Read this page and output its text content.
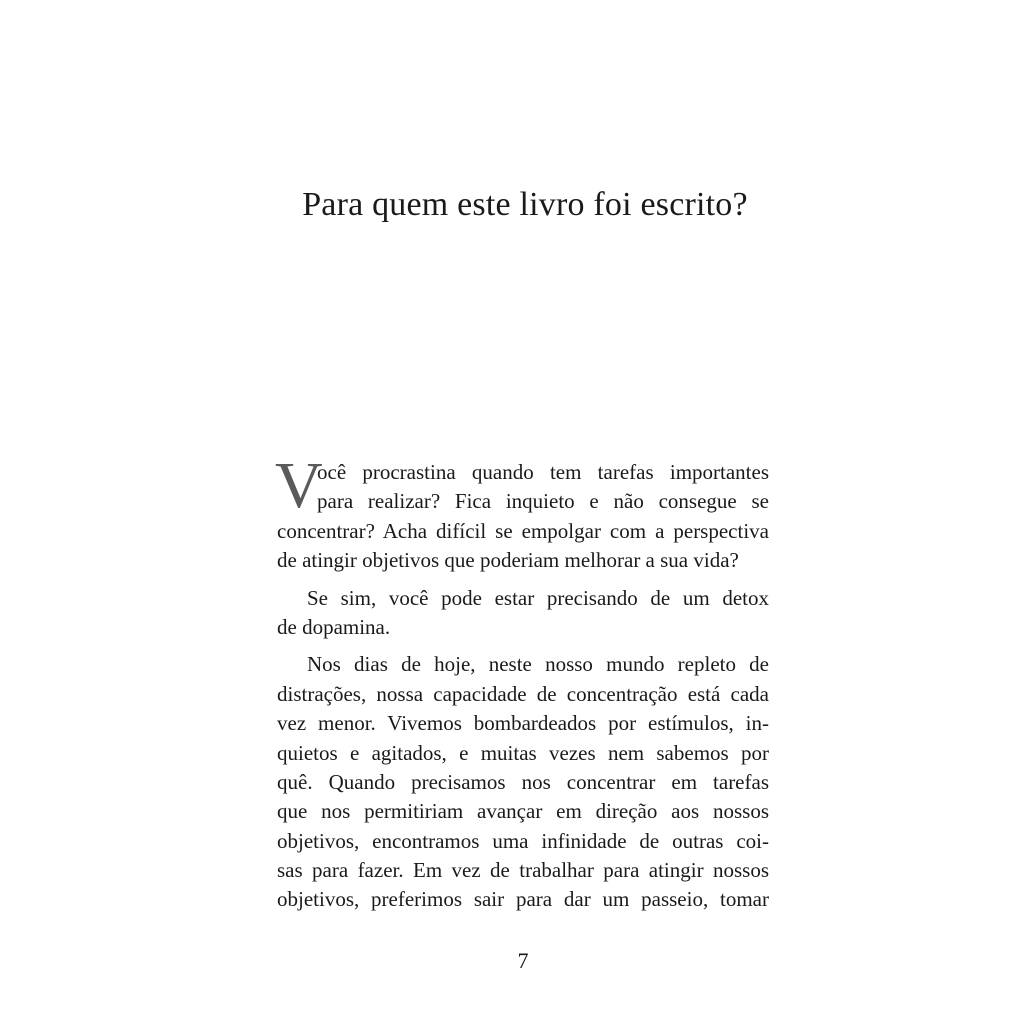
Para quem este livro foi escrito?
V
ocê procrastina quando tem tarefas importantes
para realizar? Fica inquieto e não consegue se
concentrar? Acha difícil se empolgar com a perspectiva
de atingir objetivos que poderiam melhorar a sua vida?
Se sim, você pode estar precisando de um detox
de dopamina.
Nos dias de hoje, neste nosso mundo repleto de
distrações, nossa capacidade de concentração está cada
vez menor. Vivemos bombardeados por estímulos, in-
quietos e agitados, e muitas vezes nem sabemos por
quê. Quando precisamos nos concentrar em tarefas
que nos permitiriam avançar em direção aos nossos
objetivos, encontramos uma infinidade de outras coi-
sas para fazer. Em vez de trabalhar para atingir nossos
objetivos, preferimos sair para dar um passeio, tomar
7
